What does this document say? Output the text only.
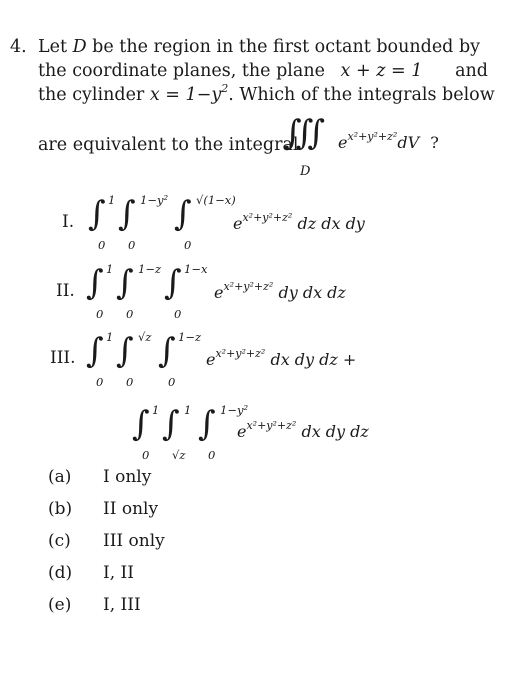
4. Let D be the region in the first octant bounded by
the coordinate planes, the plane x + z = 1 and
the cylinder $x = 1-y^2$. Which of the integrals below
are equivalent to the integral
∫∫∫
D
$e^{x^2+y^2+z^2}dV$ ?
I. ∫ 1
0
∫ 1−y²
0
∫ √(1−x)
0
$e^{x^2+y^2+z^2}$ dz dx dy
II. ∫ 1
0
∫ 1−z
0
∫ 1−x
0
$e^{x^2+y^2+z^2}$ dy dx dz
III. ∫ 1
0
∫ √z
0
∫ 1−z
0
$e^{x^2+y^2+z^2}$ dx dy dz +
∫ 1
0
∫ 1
√z
∫ 1−y²
0
$e^{x^2+y^2+z^2}$ dx dy dz
(a) I only
(b) II only
(c) III only
(d) I, II
(e) I, III
